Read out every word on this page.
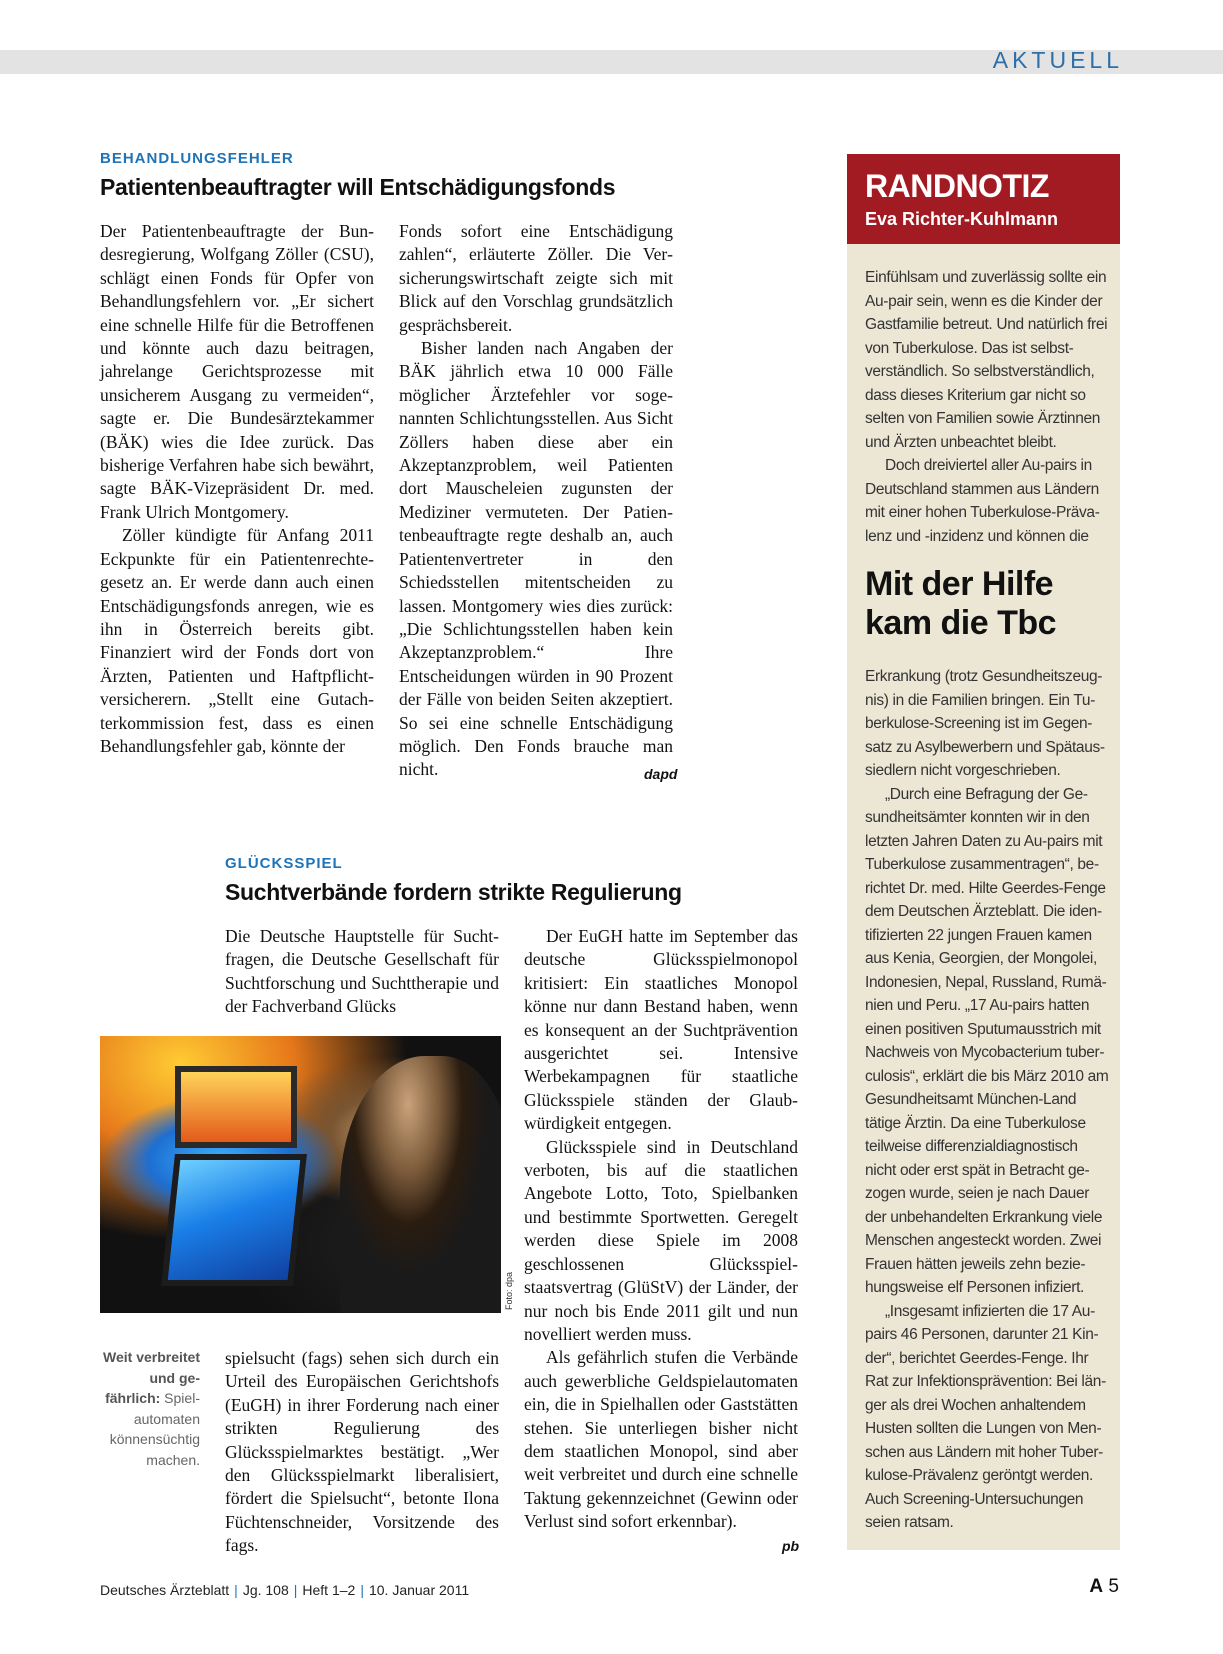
AKTUELL
BEHANDLUNGSFEHLER
Patientenbeauftragter will Entschädigungsfonds

Der Patientenbeauftragte der Bundesregierung, Wolfgang Zöller (CSU), schlägt einen Fonds für Opfer von Behandlungsfehlern vor. „Er sichert eine schnelle Hilfe für die Betroffenen und könnte auch dazu beitragen, jahrelange Gerichtsprozesse mit unsicherem Ausgang zu vermeiden“, sagte er. Die Bundesärztekammer (BÄK) wies die Idee zurück. Das bisherige Verfahren habe sich bewährt, sagte BÄK-Vizepräsident Dr. med. Frank Ulrich Montgomery.

Zöller kündigte für Anfang 2011 Eckpunkte für ein Patientenrechtegesetz an. Er werde dann auch einen Entschädigungsfonds anregen, wie es ihn in Österreich bereits gibt. Finanziert wird der Fonds dort von Ärzten, Patienten und Haftpflichtversicherern. „Stellt eine Gutachterkommission fest, dass es einen Behandlungsfehler gab, könnte der

Fonds sofort eine Entschädigung zahlen“, erläuterte Zöller. Die Versicherungswirtschaft zeigte sich mit Blick auf den Vorschlag grundsätzlich gesprächsbereit.

Bisher landen nach Angaben der BÄK jährlich etwa 10 000 Fälle möglicher Ärztefehler vor sogenannten Schlichtungsstellen. Aus Sicht Zöllers haben diese aber ein Akzeptanzproblem, weil Patienten dort Mauscheleien zugunsten der Mediziner vermuteten. Der Patientenbeauftragte regte deshalb an, auch Patientenvertreter in den Schiedsstellen mitentscheiden zu lassen. Montgomery wies dies zurück: „Die Schlichtungsstellen haben kein Akzeptanzproblem.“ Ihre Entscheidungen würden in 90 Prozent der Fälle von beiden Seiten akzeptiert. So sei eine schnelle Entschädigung möglich. Den Fonds brauche man nicht.	dapd
GLÜCKSSPIEL
Suchtverbände fordern strikte Regulierung

Die Deutsche Hauptstelle für Suchtfragen, die Deutsche Gesellschaft für Suchtforschung und Suchttherapie und der Fachverband Glücks

Foto: dpa
Weit verbreitet und gefährlich: Spielautomaten könnensüchtig machen.

spielsucht (fags) sehen sich durch ein Urteil des Europäischen Gerichtshofs (EuGH) in ihrer Forderung nach einer strikten Regulierung des Glücksspielmarktes bestätigt. „Wer den Glücksspielmarkt liberalisiert, fördert die Spielsucht“, betonte Ilona Füchtenschneider, Vorsitzende des fags.

Der EuGH hatte im September das deutsche Glücksspielmonopol kritisiert: Ein staatliches Monopol könne nur dann Bestand haben, wenn es konsequent an der Suchtprävention ausgerichtet sei. Intensive Werbekampagnen für staatliche Glücksspiele ständen der Glaubwürdigkeit entgegen.

Glücksspiele sind in Deutschland verboten, bis auf die staatlichen Angebote Lotto, Toto, Spielbanken und bestimmte Sportwetten. Geregelt werden diese Spiele im 2008 geschlossenen Glücksspielstaatsvertrag (GlüStV) der Länder, der nur noch bis Ende 2011 gilt und nun novelliert werden muss.

Als gefährlich stufen die Verbände auch gewerbliche Geldspielautomaten ein, die in Spielhallen oder Gaststätten stehen. Sie unterliegen bisher nicht dem staatlichen Monopol, sind aber weit verbreitet und durch eine schnelle Taktung gekennzeichnet (Gewinn oder Verlust sind sofort erkennbar).

pb
RANDNOTIZ
Eva Richter-Kuhlmann

Einfühlsam und zuverlässig sollte ein Au-pair sein, wenn es die Kinder der Gastfamilie betreut. Und natürlich frei von Tuberkulose. Das ist selbstverständlich. So selbstverständlich, dass dieses Kriterium gar nicht so selten von Familien sowie Ärztinnen und Ärzten unbeachtet bleibt.

Doch dreiviertel aller Au-pairs in Deutschland stammen aus Ländern mit einer hohen Tuberkulose-Prävalenz und -inzidenz und können die

Mit der Hilfe kam die Tbc

Erkrankung (trotz Gesundheitszeugnis) in die Familien bringen. Ein Tuberkulose-Screening ist im Gegensatz zu Asylbewerbern und Spätaussiedlern nicht vorgeschrieben.

„Durch eine Befragung der Gesundheitsämter konnten wir in den letzten Jahren Daten zu Au-pairs mit Tuberkulose zusammentragen“, berichtet Dr. med. Hilte Geerdes-Fenge dem Deutschen Ärzteblatt. Die identifizierten 22 jungen Frauen kamen aus Kenia, Georgien, der Mongolei, Indonesien, Nepal, Russland, Rumänien und Peru. „17 Au-pairs hatten einen positiven Sputumausstrich mit Nachweis von Mycobacterium tuberculosis“, erklärt die bis März 2010 am Gesundheitsamt München-Land tätige Ärztin. Da eine Tuberkulose teilweise differenzialdiagnostisch nicht oder erst spät in Betracht gezogen wurde, seien je nach Dauer der unbehandelten Erkrankung viele Menschen angesteckt worden. Zwei Frauen hätten jeweils zehn beziehungsweise elf Personen infiziert.

„Insgesamt infizierten die 17 Aupairs 46 Personen, darunter 21 Kinder“, berichtet Geerdes-Fenge. Ihr Rat zur Infektionsprävention: Bei länger als drei Wochen anhaltendem Husten sollten die Lungen von Menschen aus Ländern mit hoher Tuberkulose-Prävalenz geröntgt werden. Auch Screening-Untersuchungen seien ratsam.

Deutsches Ärzteblatt | Jg. 108 | Heft 1–2 | 10. Januar 2011	A 5
